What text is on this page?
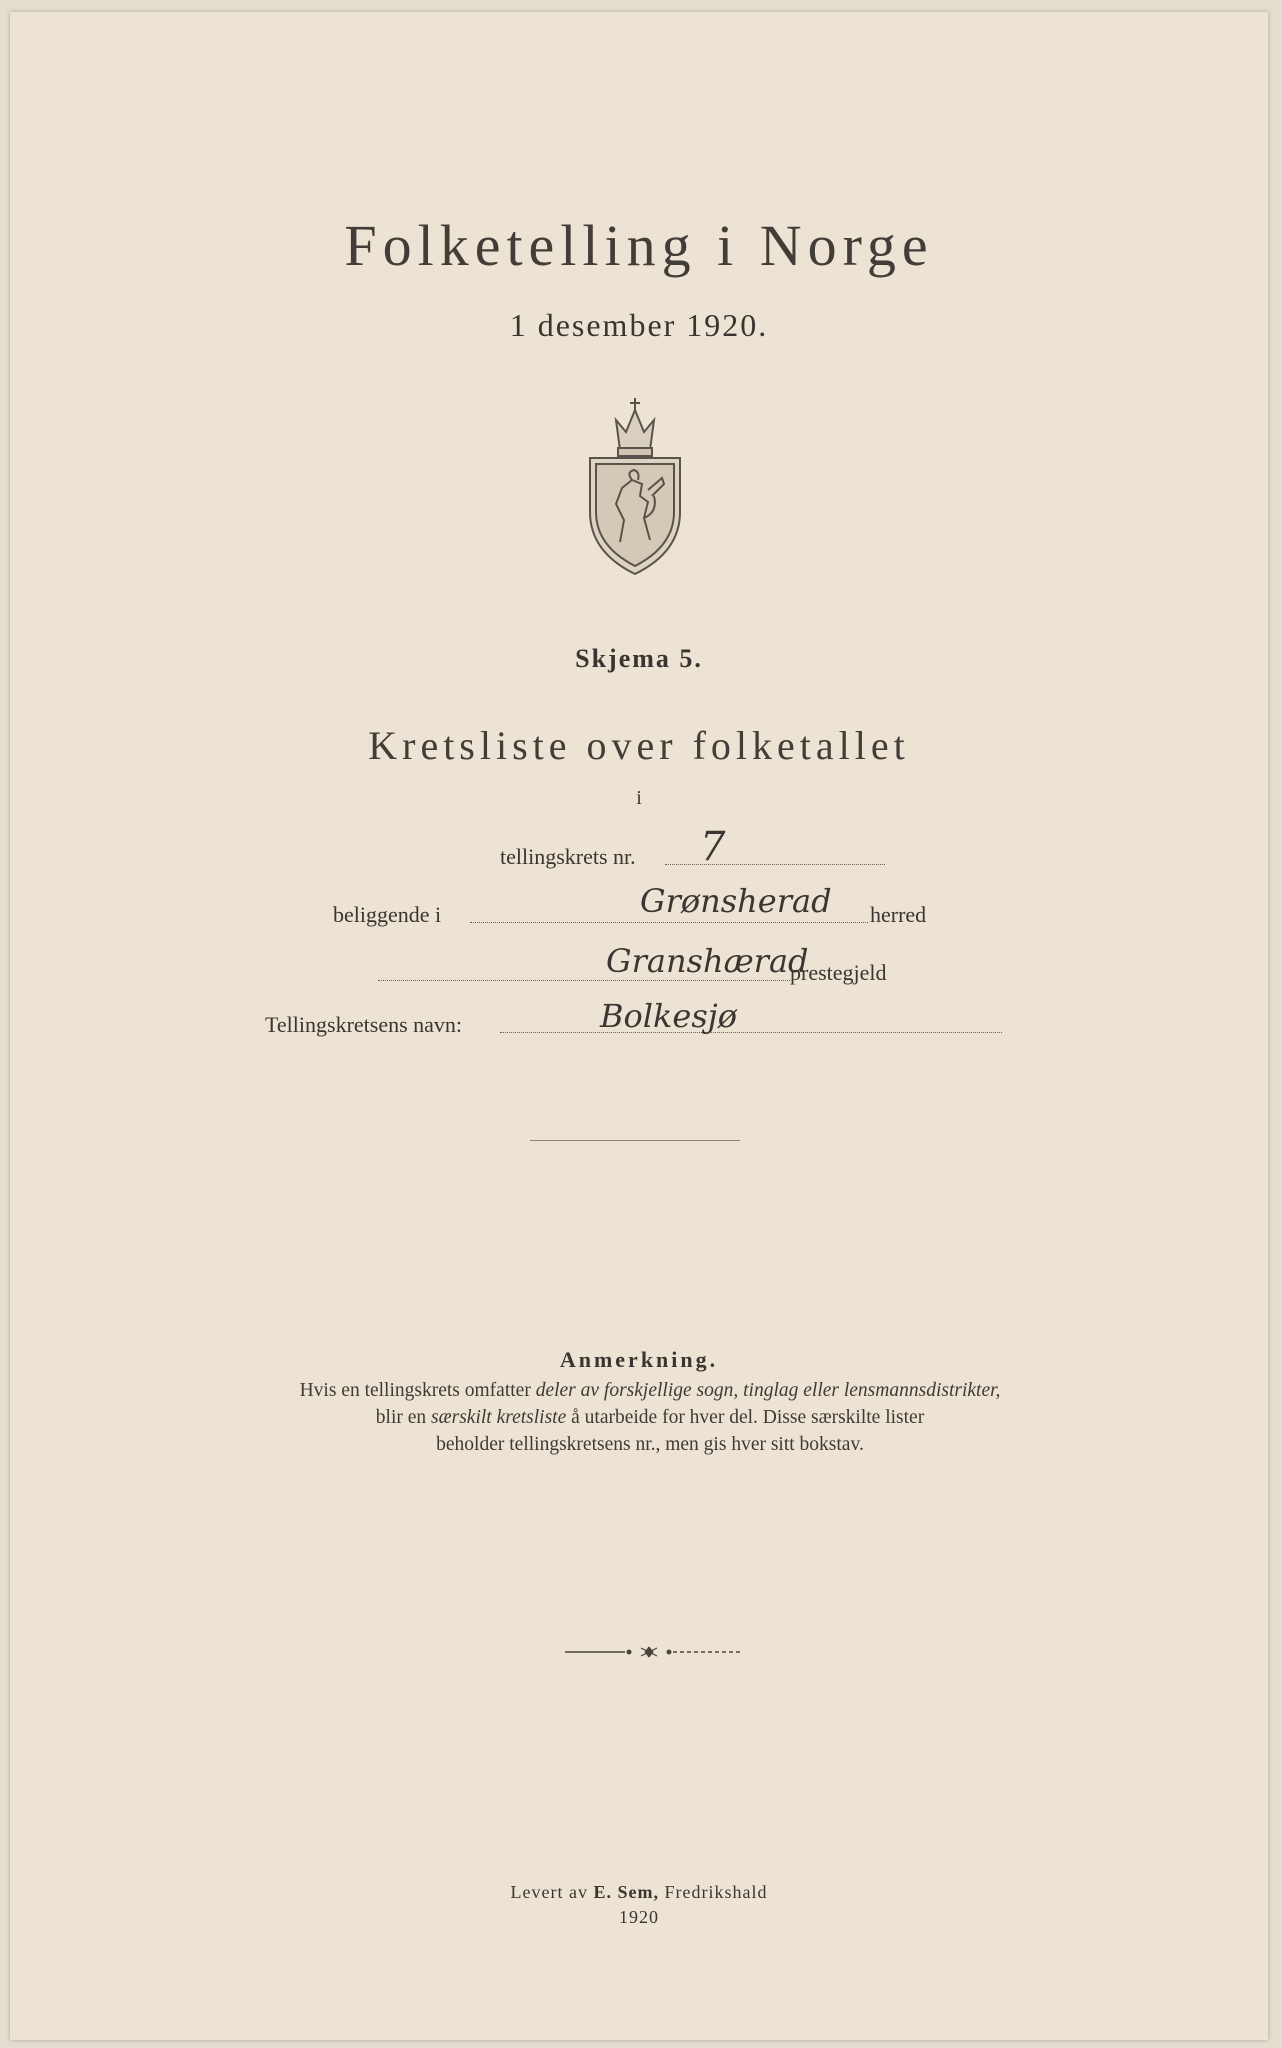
Folketelling i Norge
1 desember 1920.
Skjema 5.
Kretsliste over folketallet
i
tellingskrets nr. 7
beliggende i	Grønsherad herred
Granshærad
prestegjeld
Tellingskretsens navn:	Bolkesjø
Anmerkning.
Hvis en tellingskrets omfatter deler av forskjellige sogn, tinglag eller lensmannsdistrikter,
blir en særskilt kretsliste å utarbeide for hver del. Disse særskilte lister
beholder tellingskretsens nr., men gis hver sitt bokstav.
Levert av E. Sem, Fredrikshald
1920
